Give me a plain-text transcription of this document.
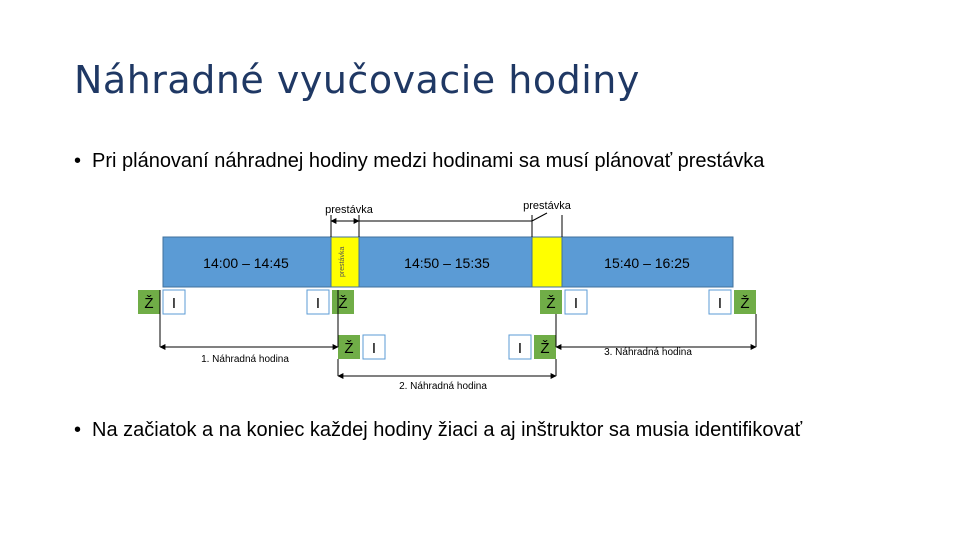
Náhradné vyučovacie hodiny
• Pri plánovaní náhradnej hodiny medzi hodinami sa musí plánovať prestávka
14:00 – 14:45	14:50 – 15:35	15:40 – 16:25
prestávka
prestávka	prestávka
Ž I	I Ž	Ž I	I Ž
Ž I	I Ž
1. Náhradná hodina
2. Náhradná hodina
3. Náhradná hodina
• Na začiatok a na koniec každej hodiny žiaci a aj inštruktor sa musia identifikovať
